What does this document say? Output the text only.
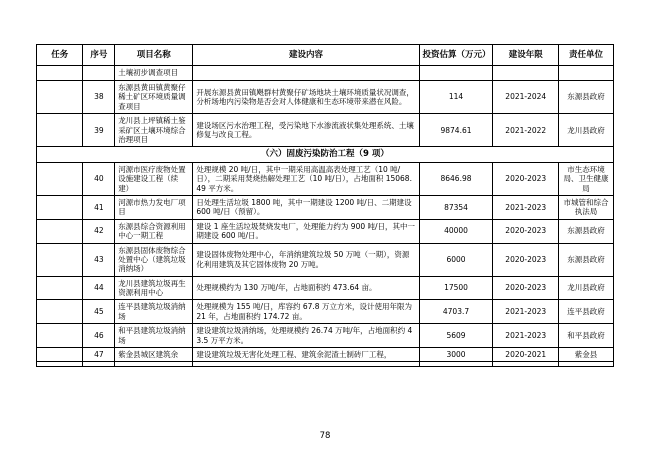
任务	序号	项目名称	建设内容	投资估算（万元）	建设年限	责任单位
		土壤初步调查项目				
	38	东源县黄田镇黄聚仔稀土矿区环境质量调查项目	开展东源县黄田镇飓群村黄聚仔矿场地块土壤环境质量状况调查，分析场地内污染物是否会对人体健康和生态环境带来潜在风险。	114	2021-2024	东源县政府
	39	龙川县上坪镇稀土鉴采矿区土壤环境综合治理项目	建设场区污水治理工程，受污染地下水渗流液状集处理系统、土壤修复与改良工程。	9874.61	2021-2022	龙川县政府
（六）固废污染防治工程（9 项）						
	40	河源市医疗废物处置设施建设工程（续建）	处理规模 20 吨/日，其中一期采用高温高表处理工艺（10 吨/日），二期采用焚烧热解处理工艺（10 吨/日），占地面积 15068.49 平方米。	8646.98	2020-2023	市生态环境局、卫生健康局
	41	河源市热力发电厂项目	日处理生活垃圾 1800 吨，其中一期建设 1200 吨/日、二期建设 600 吨/日（预留）。	87354	2021-2023	市城管和综合执法局
	42	东源县综合资源利用中心一期工程	建设 1 座生活垃圾焚烧发电厂，处理能力约为 900 吨/日，其中一期建设 600 吨/日。	40000	2020-2023	东源县政府
	43	东源县固体废物综合处置中心（建筑垃圾消纳场）	建设固体废物处理中心，年消纳建筑垃圾 50 万吨（一期），资源化利用建筑及其它固体废物 20 万吨。	6000	2020-2023	东源县政府
	44	龙川县建筑垃圾再生资源利用中心	处理规模约为 130 万吨/年，占地面积约 473.64 亩。	17500	2020-2023	龙川县政府
	45	连平县建筑垃圾消纳场	处理规模为 155 吨/日，库容约 67.8 万立方米，设计使用年限为 21 年，占地面积约 174.72 亩。	4703.7	2021-2023	连平县政府
	46	和平县建筑垃圾消纳场	建设建筑垃圾消纳场，处理规模约 26.74 万吨/年，占地面积约 43.5 万平方米。	5609	2021-2023	和平县政府
	47	紫金县城区建筑余	建设建筑垃圾无害化处理工程、建筑余泥渣土制砖厂工程，	3000	2020-2021	紫金县

78
